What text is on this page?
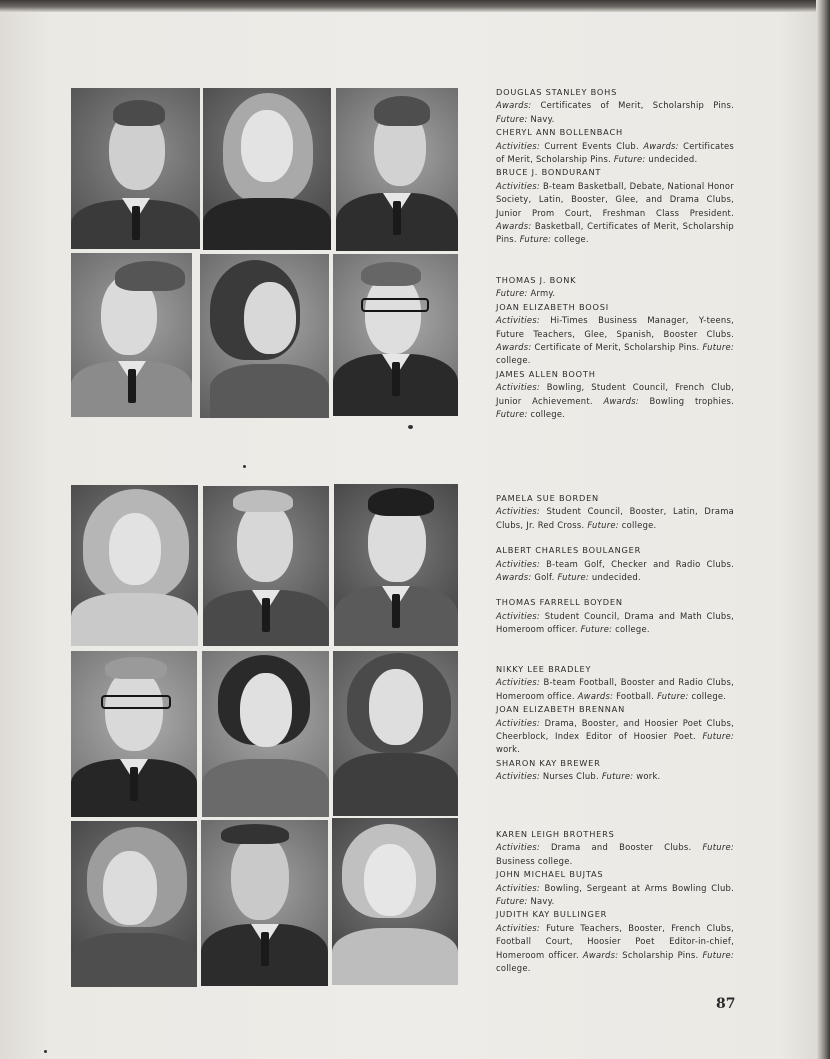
DOUGLAS STANLEY BOHS

Awards: Certificates of Merit, Scholarship Pins. Future: Navy.

CHERYL ANN BOLLENBACH

Activities: Current Events Club. Awards: Certificates of Merit, Scholarship Pins. Future: undecided.

BRUCE J. BONDURANT

Activities: B-team Basketball, Debate, National Honor Society, Latin, Booster, Glee, and Drama Clubs, Junior Prom Court, Freshman Class President. Awards: Basketball, Certificates of Merit, Scholarship Pins. Future: college.

THOMAS J. BONK

Future: Army.

JOAN ELIZABETH BOOSI

Activities: Hi-Times Business Manager, Y-teens, Future Teachers, Glee, Spanish, Booster Clubs. Awards: Certificate of Merit, Scholarship Pins. Future: college.

JAMES ALLEN BOOTH

Activities: Bowling, Student Council, French Club, Junior Achievement. Awards: Bowling trophies. Future: college.

PAMELA SUE BORDEN

Activities: Student Council, Booster, Latin, Drama Clubs, Jr. Red Cross. Future: college.

ALBERT CHARLES BOULANGER

Activities: B-team Golf, Checker and Radio Clubs. Awards: Golf. Future: undecided.

THOMAS FARRELL BOYDEN

Activities: Student Council, Drama and Math Clubs, Homeroom officer. Future: college.

NIKKY LEE BRADLEY

Activities: B-team Football, Booster and Radio Clubs, Homeroom office. Awards: Football. Future: college.

JOAN ELIZABETH BRENNAN

Activities: Drama, Booster, and Hoosier Poet Clubs, Cheerblock, Index Editor of Hoosier Poet. Future: work.

SHARON KAY BREWER

Activities: Nurses Club. Future: work.

KAREN LEIGH BROTHERS

Activities: Drama and Booster Clubs. Future: Business college.

JOHN MICHAEL BUJTAS

Activities: Bowling, Sergeant at Arms Bowling Club. Future: Navy.

JUDITH KAY BULLINGER

Activities: Future Teachers, Booster, French Clubs, Football Court, Hoosier Poet Editor-in-chief, Homeroom officer. Awards: Scholarship Pins. Future: college.

87
